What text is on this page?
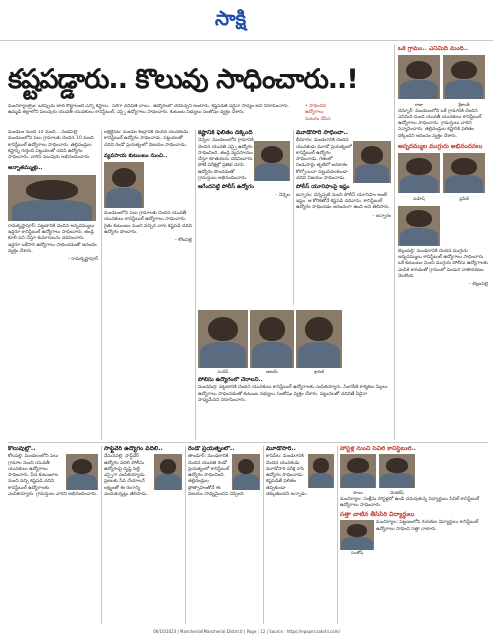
సాక్షి
కష్టపడ్డారు.. కొలువు సాధించారు..!
• సాధించిన
ఉద్యోగాలు
సంబరం చేసిన

మంచిర్యాలక్రైం: ఒకప్పుడు జాబ్ కొట్టాలంటే ఎన్నో కష్టాలు.. సరిగా చదివితే చాలు.. ఉద్యోగంలో చేరవచ్చని అంటారు. కష్టపడితే ఏదైనా సాధ్యం అని నిరూపించారు. ఉమ్మడి జిల్లాలోని పలువురు యువతీ యువకులు కానిస్టేబుల్, ఎస్సై ఉద్యోగాలు సాధించారు. కుటుంబ సభ్యులు సంతోషం వ్యక్తం చేశారు.

మండలం నుంచి 10 మంది... దండేపల్లి: మండలంలోని పలు గ్రామాలకు చెందిన 10 మంది కానిస్టేబుల్ ఉద్యోగాలు సాధించారు. తల్లిదండ్రుల కష్టాన్ని గుర్తించి పట్టుదలతో చదివి ఉద్యోగం సాధించారు. వారిని పలువురు అభినందించారు.

అన్నాతమ్ముళ్లు..

రామకృష్ణాపూర్: పట్టణానికి చెందిన అన్నదమ్ములు ఇద్దరూ కానిస్టేబుల్ ఉద్యోగాలు సాధించారు. తండ్రి కూలీ పని చేస్తూ కుమారులను చదివించారు. ఇద్దరూ ఒకేసారి ఉద్యోగాలు సాధించడంతో ఆనందం వ్యక్తం చేశారు.

– రామకృష్ణాపూర్

లక్షెట్టిపేట: మండల కేంద్రానికి చెందిన యువకుడు కానిస్టేబుల్ ఉద్యోగం సాధించాడు. పట్టుదలతో చదివి రెండో ప్రయత్నంలో విజయం సాధించాడు.

వ్యవసాయ కుటుంబం నుంచి..

మండలంలోని పలు గ్రామాలకు చెందిన యువతీ యువకులు కానిస్టేబుల్ ఉద్యోగాలు సాధించారు. రైతు కుటుంబం నుంచి వచ్చిన వారు కష్టపడి చదివి ఉద్యోగం పొందారు.

– కోటపల్లి

కష్టానికి ఫలితం దక్కింది

నెన్నెల: మండలంలోని గ్రామానికి చెందిన యువతి ఎస్సై ఉద్యోగం సాధించింది. తండ్రి వ్యవసాయం చేస్తూ కూతురును చదివించారు. పోటీ పరీక్షల్లో ప్రతిభ చూపి ఉద్యోగం పొందడంతో గ్రామస్తులు అభినందించారు.

ఆగేందనిట్టి పోలీస్ ఉద్యోగం

– నెన్నెల

మూడోసారి సాధించా..

భీమారం: మండలానికి చెందిన యువకుడు మూడో ప్రయత్నంలో కానిస్టేబుల్ ఉద్యోగం సాధించాడు. గతంలో రెండుసార్లు తృటిలో అవకాశం కోల్పోయినా పట్టువదలకుండా చదివి విజయం సాధించాడు.

పోలీస్ యూనిఫాంపై ఇష్టం

జన్నారం: చిన్నప్పటి నుంచి పోలీస్ యూనిఫాం అంటే ఇష్టం. ఆ కోరికతోనే కష్టపడి చదివాను. కానిస్టేబుల్ ఉద్యోగం సాధించడం ఆనందంగా ఉంది అని తెలిపారు.

– జన్నారం

సందీప్	అజయ్	శ్రావణి

పోలీసు ఉద్యోగంలో చేరాలని..

మందమర్రి: పట్టణానికి చెందిన యువకులు కానిస్టేబుల్ ఉద్యోగాలకు ఎంపికయ్యారు. సింగరేణి కార్మికుల పిల్లలు ఉద్యోగాలు సాధించడంతో కుటుంబ సభ్యులు సంతోషం వ్యక్తం చేశారు. పట్టుదలతో చదివితే ఏదైనా సాధ్యమేనని నిరూపించారు.

ఒకే గ్రామం.. ఎనిమిది మంది..

రాజు	శ్రీకాంత్

చెన్నూర్: మండలంలోని ఒకే గ్రామానికి చెందిన ఎనిమిది మంది యువతీ యువకులు కానిస్టేబుల్ ఉద్యోగాలు సాధించారు. గ్రామస్తులు వారిని సన్మానించారు. తల్లిదండ్రుల కష్టానికి ఫలితం దక్కిందని ఆనందం వ్యక్తం చేశారు.

అన్నదమ్ముల ముగ్గురు అభినందనలు

మహేష్	ప్రవీణ్

బెల్లంపల్లి: మండలానికి చెందిన ముగ్గురు అన్నదమ్ములు కానిస్టేబుల్ ఉద్యోగాలు సాధించారు. ఒకే కుటుంబం నుంచి ముగ్గురు పోలీసు ఉద్యోగాలకు ఎంపిక కావడంతో గ్రామంలో పండుగ వాతావరణం నెలకొంది.

– బెల్లంపల్లి

కొలువుల్లో..

కోటపల్లి: మండలంలోని పలు గ్రామాల నుంచి యువతీ యువకులు ఉద్యోగాలు సాధించారు. పేద కుటుంబాల నుంచి వచ్చి కష్టపడి చదివి కానిస్టేబుల్ ఉద్యోగాలకు ఎంపికయ్యారు. గ్రామస్తులు వారిని అభినందించారు.

సాఫ్ట్‌వేర్ ఉద్యోగం వదిలి..

వేమనపల్లి: సాఫ్ట్‌వేర్ ఉద్యోగం వదిలి పోలీసు ఉద్యోగంపై దృష్టి పెట్టి ఎస్సైగా ఎంపికయ్యాడు. ప్రజలకు సేవ చేయాలనే లక్ష్యంతో ఈ రంగాన్ని ఎంచుకున్నట్లు తెలిపాడు.

రెండో ప్రయత్నంలో..

తాండూర్: మండలానికి చెందిన యువతి రెండో ప్రయత్నంలో కానిస్టేబుల్ ఉద్యోగం సాధించింది. తల్లిదండ్రుల ప్రోత్సాహంతోనే ఈ విజయం సాధ్యమైందని చెప్పింది.

మూడోసారి..

కాసిపేట: మండలానికి చెందిన యువకుడు మూడోసారి పరీక్ష రాసి ఉద్యోగం సాధించాడు. కష్టపడితే ఫలితం తప్పకుండా దక్కుతుందని అన్నాడు.

హాస్టళ్ల నుంచి సివిల్ కానిస్టేబుల్..

సాయి	వెంకటేష్

మంచిర్యాల: సంక్షేమ హాస్టళ్లలో ఉండి చదువుకున్న విద్యార్థులు సివిల్ కానిస్టేబుల్ ఉద్యోగాలు సాధించారు.

సత్తా చాటిన తీసిసిరి విద్యార్థులు

మంచిర్యాల: పట్టణంలోని గురుకుల విద్యార్థులు కానిస్టేబుల్ ఉద్యోగాలు సాధించి సత్తా చాటారు.

సంతోష్
06/10/2023 | Mancherial(Mancherial District) | Page : 12 | Source : https://epaper.sakshi.com/
